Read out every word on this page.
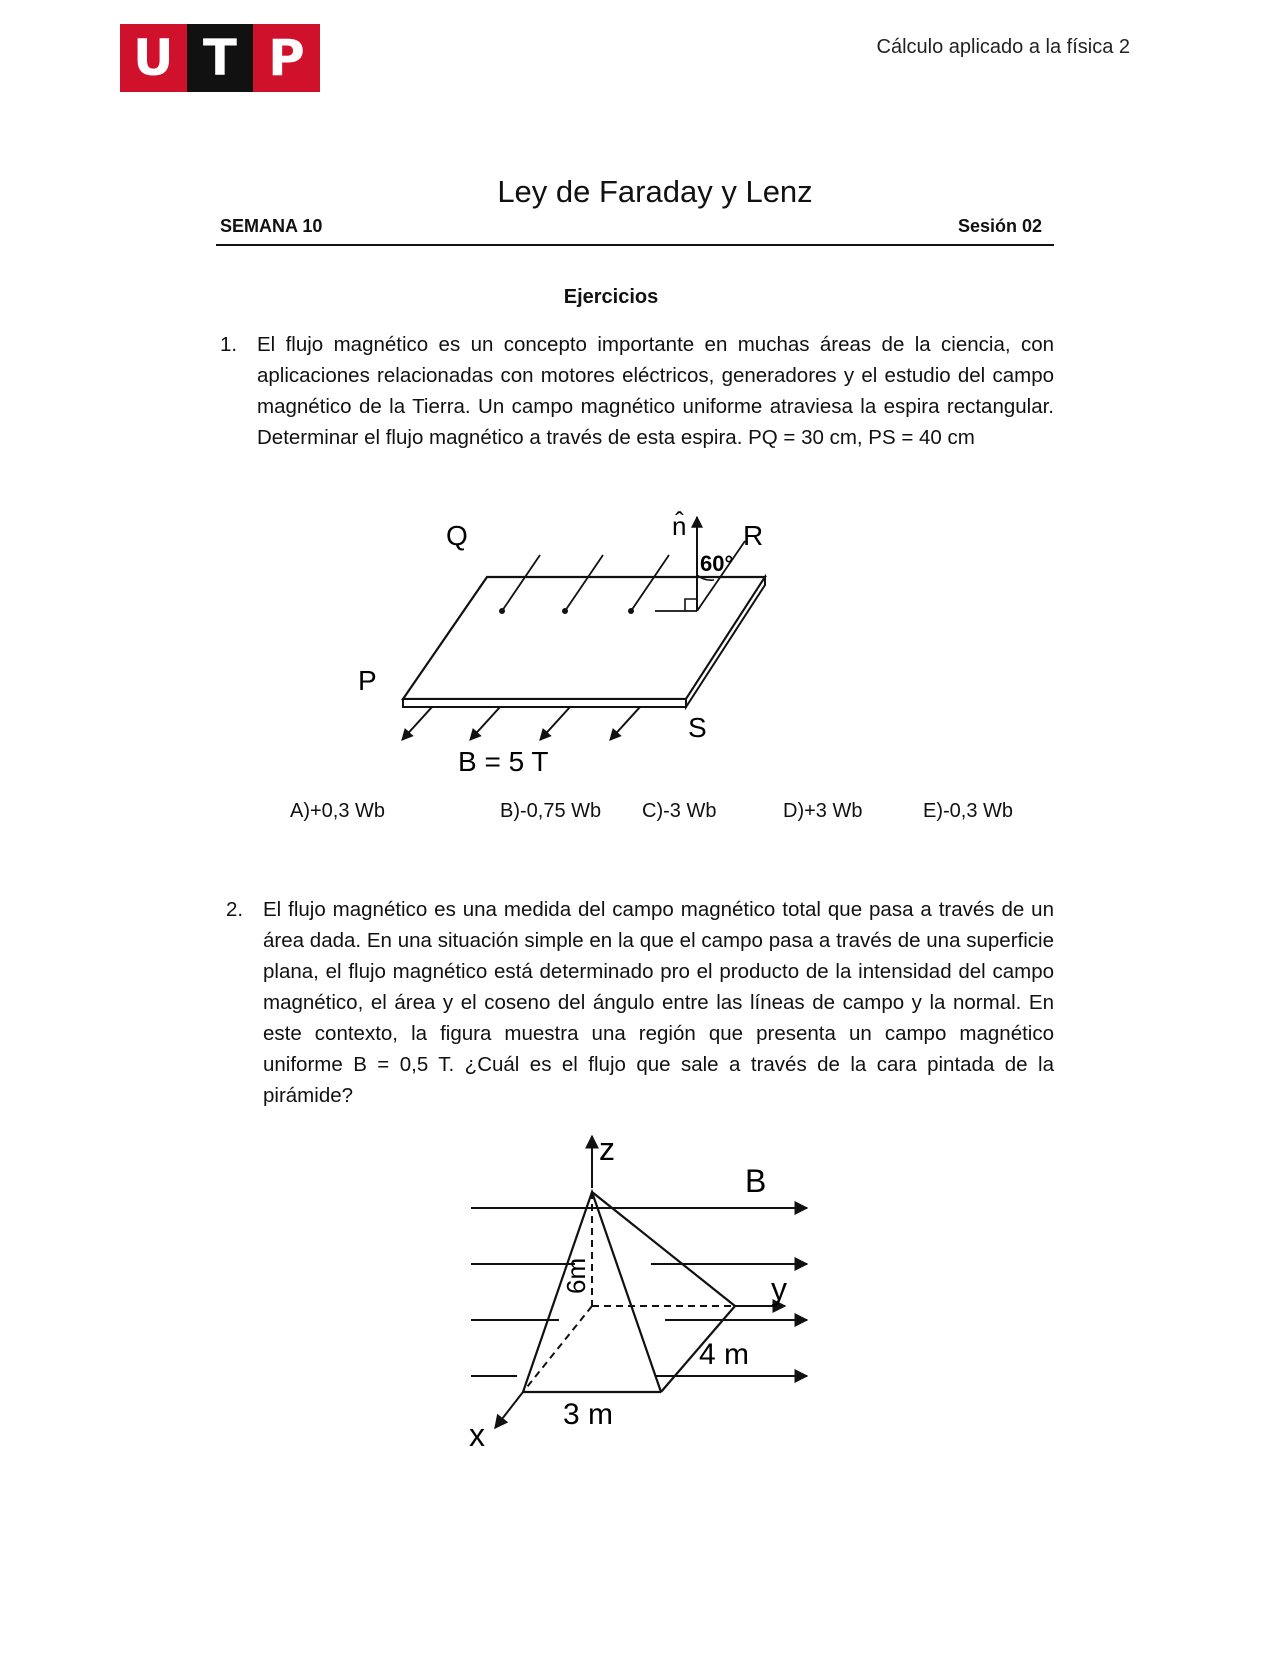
U T P	Cálculo aplicado a la física 2
Ley de Faraday y Lenz
SEMANA 10	Sesión 02
Ejercicios
1. El flujo magnético es un concepto importante en muchas áreas de la ciencia, con aplicaciones relacionadas con motores eléctricos, generadores y el estudio del campo magnético de la Tierra. Un campo magnético uniforme atraviesa la espira rectangular. Determinar el flujo magnético a través de esta espira. PQ = 30 cm, PS = 40 cm
Q	R
P
S
n̂
60°
B = 5 T
A)+0,3 Wb	B)-0,75 Wb C)-3 Wb	D)+3 Wb	E)-0,3 Wb
2. El flujo magnético es una medida del campo magnético total que pasa a través de un área dada. En una situación simple en la que el campo pasa a través de una superficie plana, el flujo magnético está determinado pro el producto de la intensidad del campo magnético, el área y el coseno del ángulo entre las líneas de campo y la normal. En este contexto, la figura muestra una región que presenta un campo magnético uniforme B = 0,5 T. ¿Cuál es el flujo que sale a través de la cara pintada de la pirámide?
z
B
y
x
6m
4 m
3 m
